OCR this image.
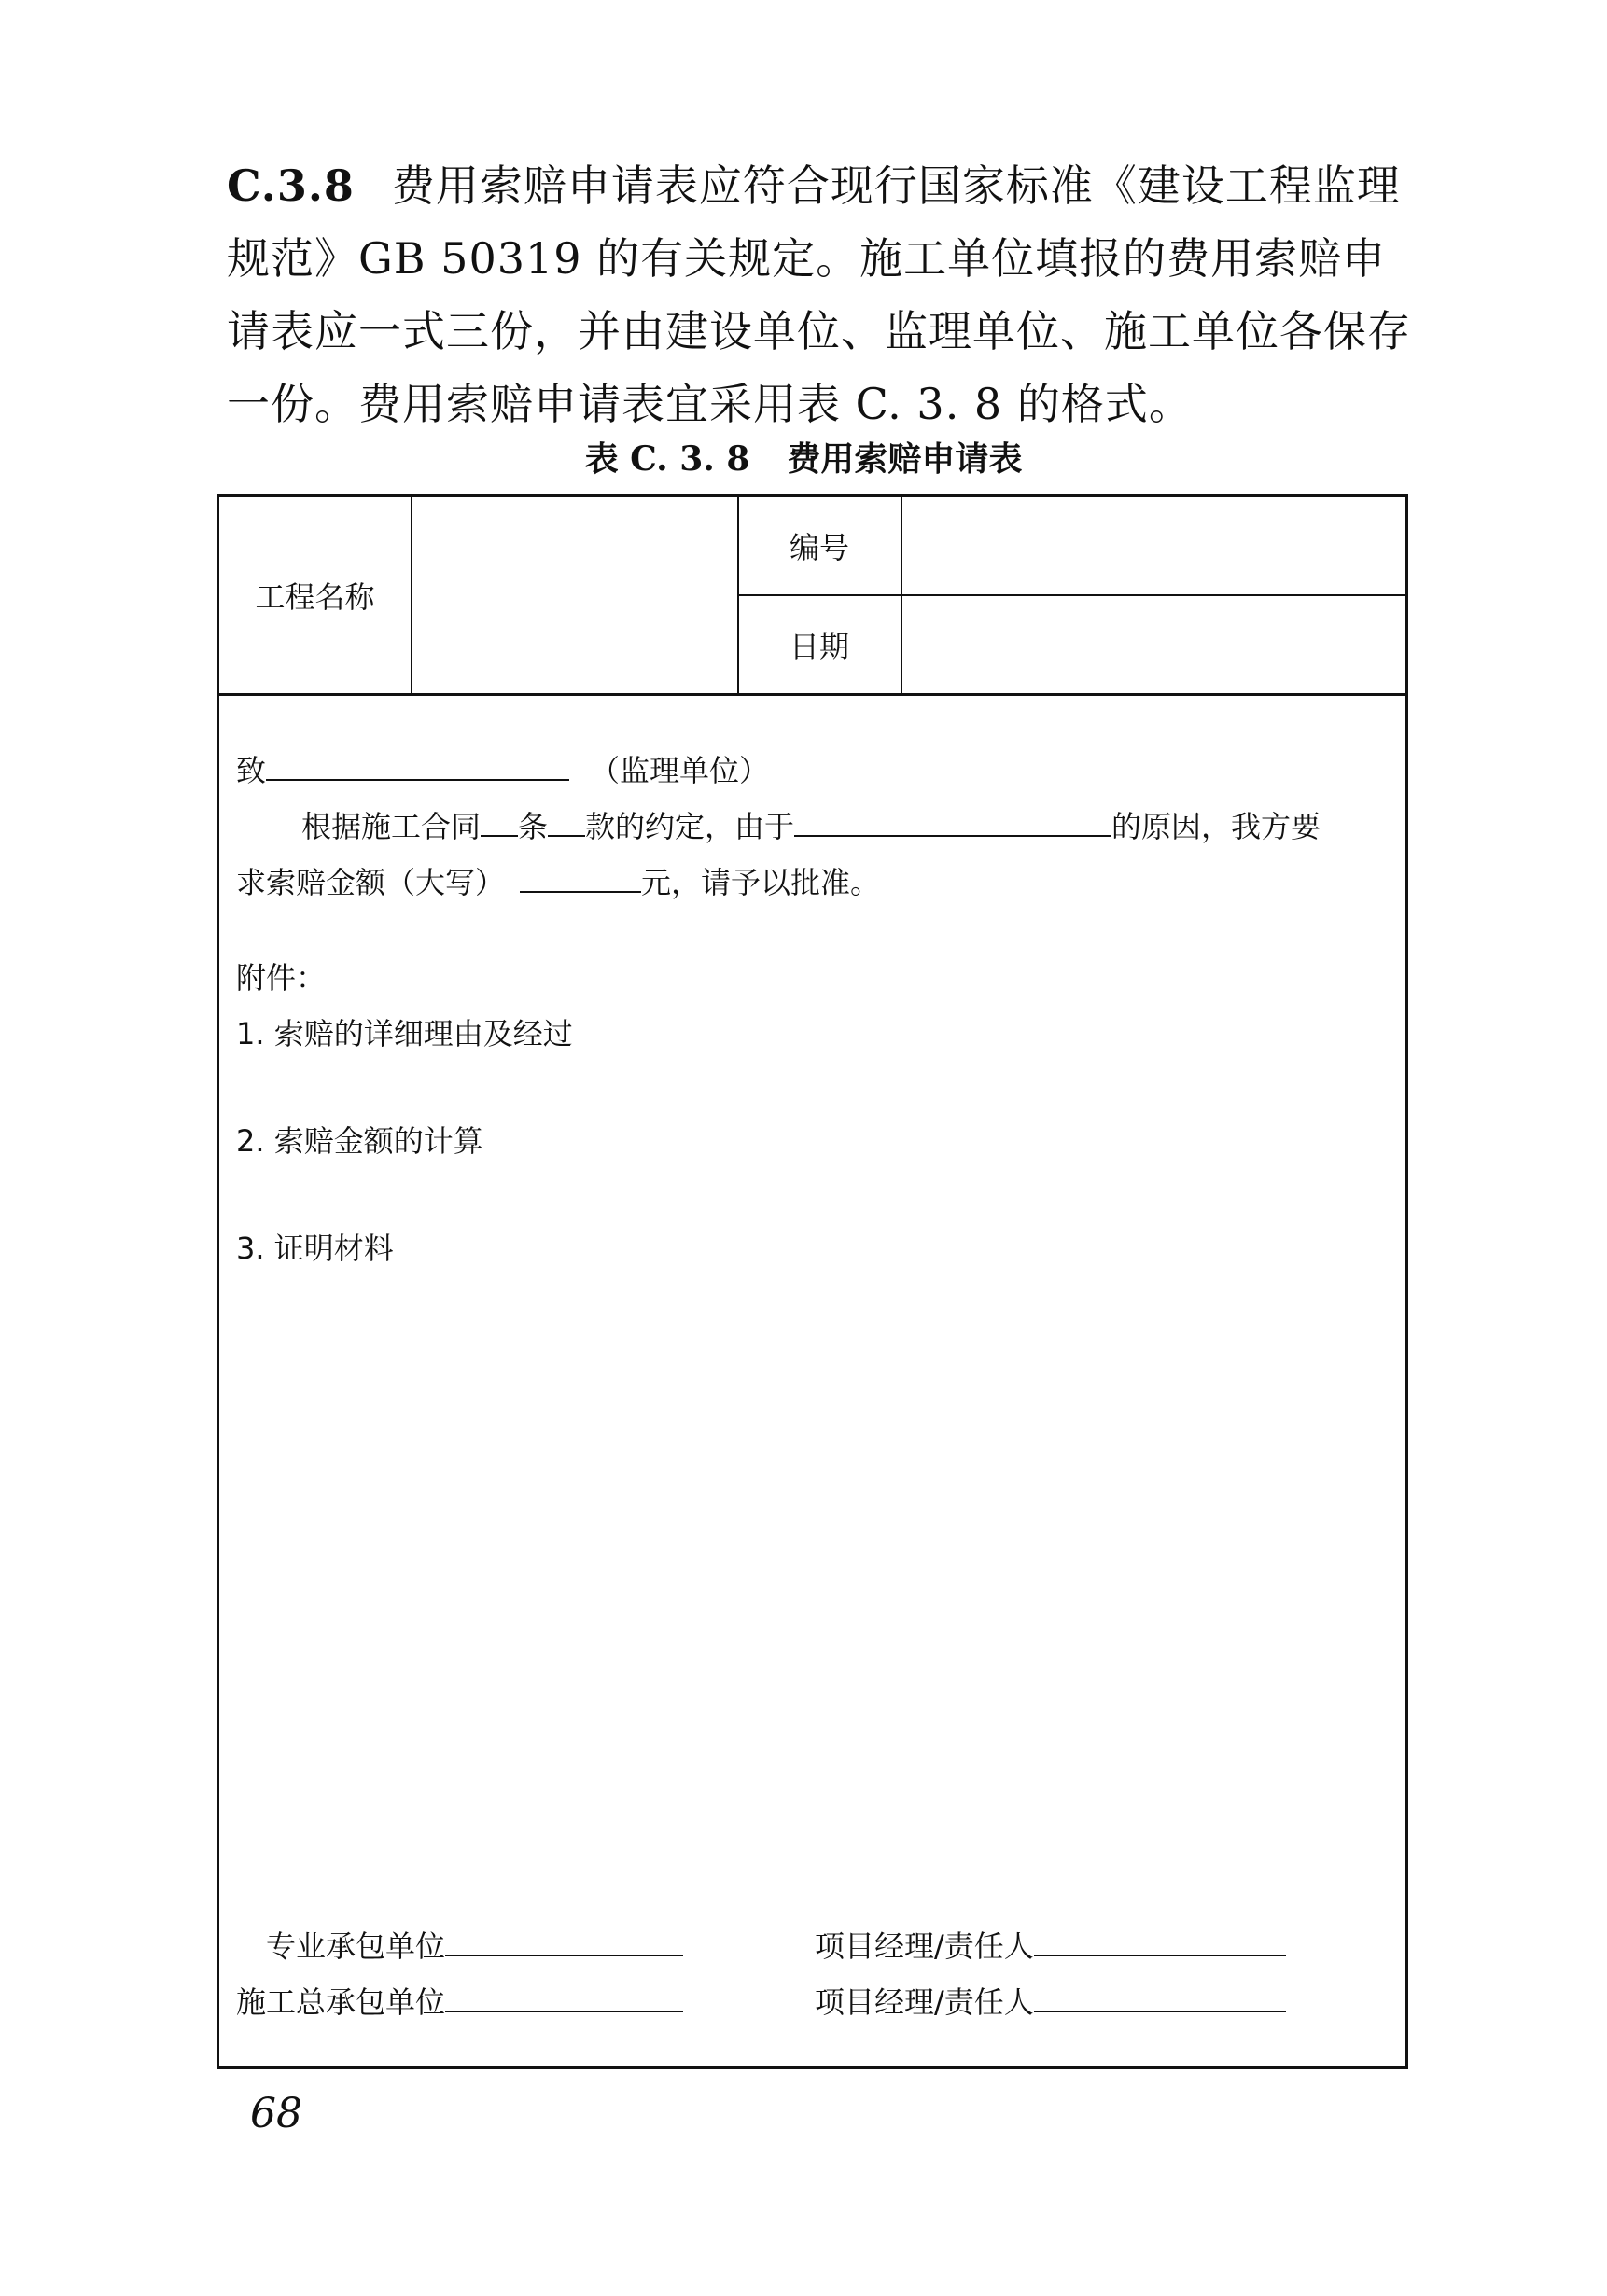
C.3.8 费用索赔申请表应符合现行国家标准《建设工程监理规范》GB 50319 的有关规定。施工单位填报的费用索赔申请表应一式三份，并由建设单位、监理单位、施工单位各保存一份。费用索赔申请表宜采用表 C. 3. 8 的格式。
表 C. 3. 8 费用索赔申请表
工程名称
编号
日期
致	（监理单位）
根据施工合同 条 款的约定，由于	的原因，我方要
求索赔金额（大写）	元，请予以批准。
附件：
1. 索赔的详细理由及经过
2. 索赔金额的计算
3. 证明材料
专业承包单位	项目经理/责任人
施工总承包单位	项目经理/责任人
68
